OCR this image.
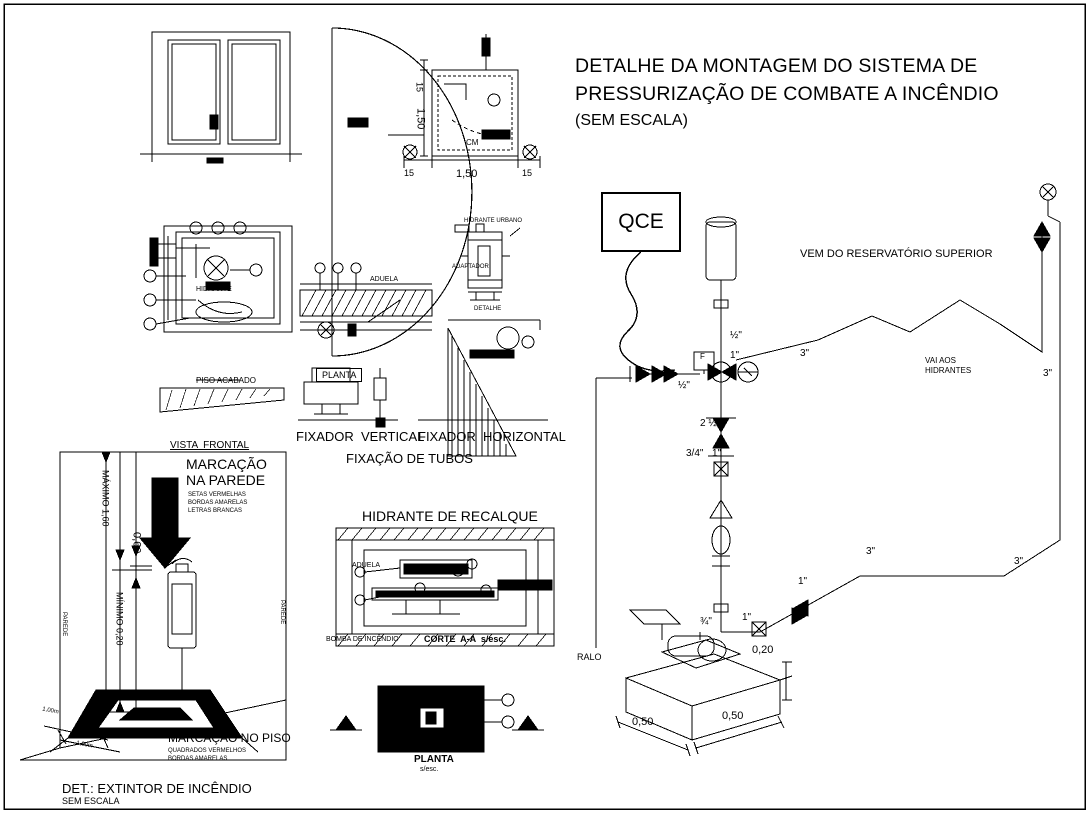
DETALHE DA MONTAGEM DO SISTEMA DE
PRESSURIZAÇÃO DE COMBATE A INCÊNDIO
(SEM ESCALA)
QCE
VEM DO RESERVATÓRIO SUPERIOR
VAI AOS
HIDRANTES
RALO
½"
1"
½"
2 ½"
3/4" 1"
¾"	1"
1"
3"
3"
3"
3"
F
0,20
0,50	0,50
15	15
1,50
15
1,50
CM
HIDRANTE URBANO
ADAPTADOR
DETALHE
HIDRANTE
ADUELA
PLANTA
FIXADOR  VERTICAL
FIXADOR  HORIZONTAL
FIXAÇÃO DE TUBOS
PISO ACABADO
VISTA  FRONTAL
MARCAÇÃO
NA PAREDE
SETAS VERMELHAS
BORDAS AMARELAS
LETRAS BRANCAS
MARCAÇÃO NO PISO
QUADRADOS VERMELHOS
BORDAS AMARELAS
MÁXIMO 1,60
MÍNIMO 0,20
0,60
1,00m
1,00m
PAREDE	PAREDE
DET.: EXTINTOR DE INCÊNDIO
SEM ESCALA
HIDRANTE DE RECALQUE
ADUELA
BOMBA DE INCÊNDIO	CORTE  A-A  s/esc.
PLANTA
s/esc.
